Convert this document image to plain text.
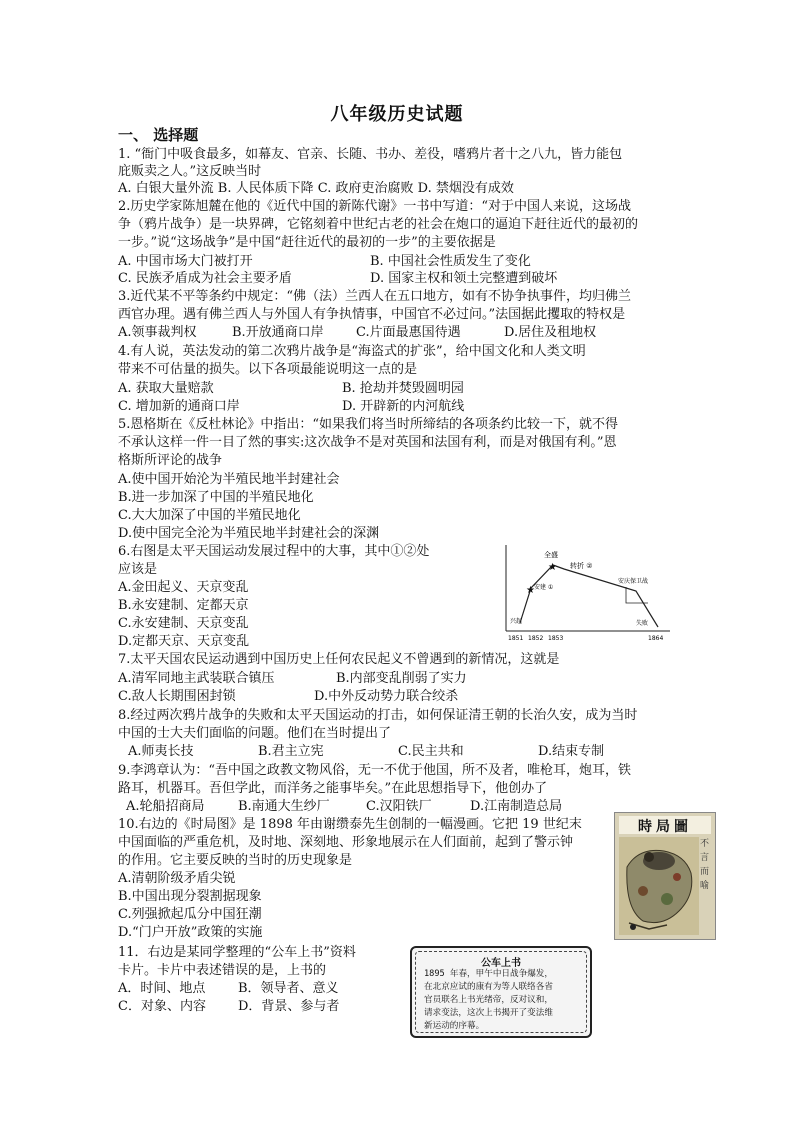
八年级历史试题
一、 选择题
1. “衙门中吸食最多，如幕友、官亲、长随、书办、差役，嗜鸦片者十之八九，皆力能包
庇贩卖之人。”这反映当时
A. 白银大量外流 B. 人民体质下降 C. 政府吏治腐败 D. 禁烟没有成效
2.历史学家陈旭麓在他的《近代中国的新陈代谢》一书中写道：“对于中国人来说，这场战
争（鸦片战争）是一块界碑，它铭刻着中世纪古老的社会在炮口的逼迫下赶往近代的最初的
一步。”说“这场战争”是中国“赶往近代的最初的一步”的主要依据是
A. 中国市场大门被打开	B. 中国社会性质发生了变化
C. 民族矛盾成为社会主要矛盾	D. 国家主权和领土完整遭到破坏
3.近代某不平等条约中规定：“佛（法）兰西人在五口地方，如有不协争执事件，均归佛兰
西官办理。遇有佛兰西人与外国人有争执情事，中国官不必过问。”法国据此攫取的特权是
A.领事裁判权	B.开放通商口岸 C.片面最惠国待遇	D.居住及租地权
4.有人说，英法发动的第二次鸦片战争是“海盗式的扩张”，给中国文化和人类文明
带来不可估量的损失。以下各项最能说明这一点的是
A. 获取大量赔款	B. 抢劫并焚毁圆明园
C. 增加新的通商口岸	D. 开辟新的内河航线
5.恩格斯在《反杜林论》中指出：“如果我们将当时所缔结的各项条约比较一下，就不得
不承认这样一件一目了然的事实:这次战争不是对英国和法国有利，而是对俄国有利。”恩
格斯所评论的战争
A.使中国开始沦为半殖民地半封建社会
B.进一步加深了中国的半殖民地化
C.大大加深了中国的半殖民地化
D.使中国完全沦为半殖民地半封建社会的深渊
6.右图是太平天国运动发展过程中的大事，其中①②处
应该是
A.金田起义、天京变乱
B.永安建制、定都天京
C.永安建制、天京变乱
D.定都天京、天京变乱
★
★
全盛
转折 ②
安庆保卫战
安建 ①
失败
兴起
1851 1852 1853	1864
7.太平天国农民运动遇到中国历史上任何农民起义不曾遇到的新情况，这就是
A.清军同地主武装联合镇压	B.内部变乱削弱了实力
C.敌人长期围困封锁	D.中外反动势力联合绞杀
8.经过两次鸦片战争的失败和太平天国运动的打击，如何保证清王朝的长治久安，成为当时
中国的士大夫们面临的问题。他们在当时提出了
A.师夷长技	B.君主立宪	C.民主共和	D.结束专制
9.李鸿章认为：“吾中国之政教文物风俗，无一不优于他国，所不及者，唯枪耳，炮耳，铁
路耳，机器耳。吾但学此，而洋务之能事毕矣。”在此思想指导下，他创办了
A.轮船招商局	B.南通大生纱厂	C.汉阳铁厂	D.江南制造总局
10.右边的《时局图》是 1898 年由谢缵泰先生创制的一幅漫画。它把 19 世纪末
中国面临的严重危机，及时地、深刻地、形象地展示在人们面前，起到了警示钟
的作用。它主要反映的当时的历史现象是
A.清朝阶级矛盾尖锐
B.中国出现分裂割据现象
C.列强掀起瓜分中国狂潮
D.“门户开放”政策的实施
時局圖
不言而喻
11．右边是某同学整理的“公车上书”资料
卡片。卡片中表述错误的是，上书的
A．时间、地点	B．领导者、意义
C．对象、内容 D．背景、参与者
公车上书
1895 年春，甲午中日战争爆发，
在北京应试的康有为等人联络各省
官员联名上书光绪帝，反对议和，
请求变法，这次上书揭开了变法维
新运动的序幕。
